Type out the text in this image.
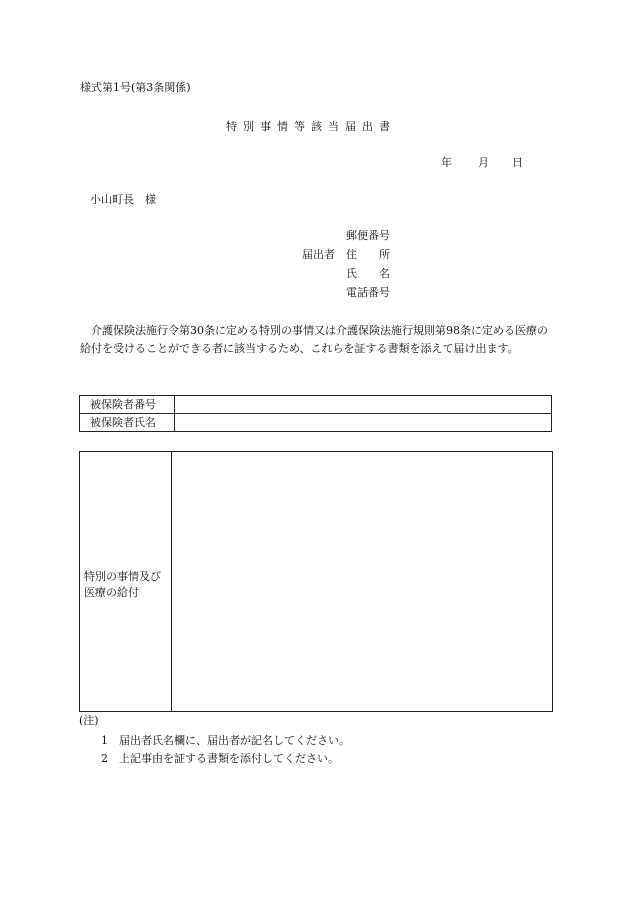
様式第1号(第3条関係)
特別事情等該当届出書
年 月 日
小山町長　様
郵便番号
届出者 住　　所
氏　　名
電話番号
介護保険法施行令第30条に定める特別の事情又は介護保険法施行規則第98条に定める医療の給付を受けることができる者に該当するため、これらを証する書類を添えて届け出ます。
被保険者番号	
被保険者氏名	
特別の事情及び医療の給付
(注)
1 届出者氏名欄に、届出者が記名してください。
2 上記事由を証する書類を添付してください。
